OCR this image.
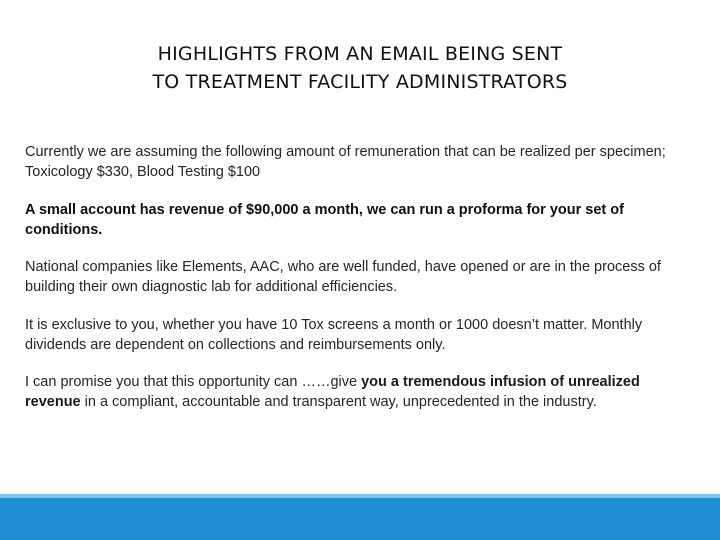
HIGHLIGHTS FROM AN EMAIL BEING SENT
TO TREATMENT FACILITY ADMINISTRATORS
Currently we are assuming the following amount of remuneration that can be realized per specimen; Toxicology $330, Blood Testing $100
A small account has revenue of $90,000 a month, we can run a proforma for your set of conditions.
National companies like Elements, AAC, who are well funded, have opened or are in the process of building their own diagnostic lab for additional efficiencies.
It is exclusive to you, whether you have 10 Tox screens a month or 1000 doesn’t matter. Monthly dividends are dependent on collections and reimbursements only.
I can promise you that this opportunity can ……give you a tremendous infusion of unrealized revenue in a compliant, accountable and transparent way, unprecedented in the industry.
